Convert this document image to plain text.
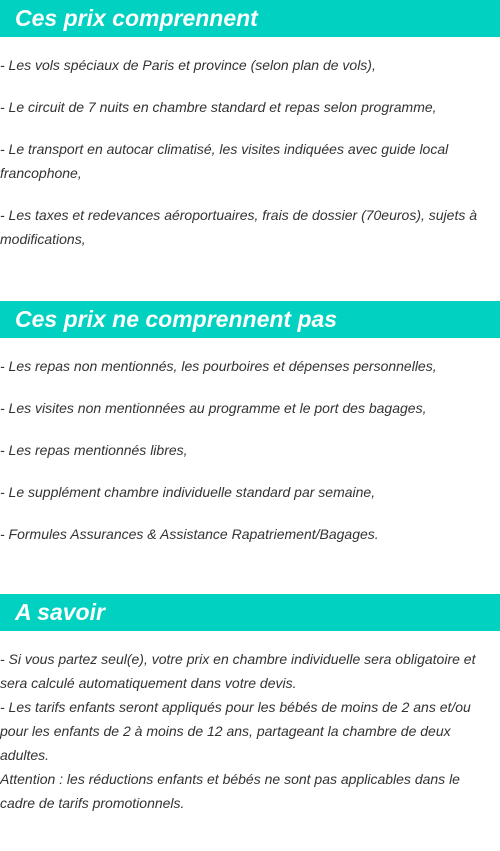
Ces prix comprennent

- Les vols spéciaux de Paris et province (selon plan de vols),

- Le circuit de 7 nuits en chambre standard et repas selon programme,

- Le transport en autocar climatisé, les visites indiquées avec guide local francophone,

- Les taxes et redevances aéroportuaires, frais de dossier (70euros), sujets à modifications,

Ces prix ne comprennent pas

- Les repas non mentionnés, les pourboires et dépenses personnelles,

- Les visites non mentionnées au programme et le port des bagages,

- Les repas mentionnés libres,

- Le supplément chambre individuelle standard par semaine,

- Formules Assurances & Assistance Rapatriement/Bagages.

A savoir

- Si vous partez seul(e), votre prix en chambre individuelle sera obligatoire et sera calculé automatiquement dans votre devis.

- Les tarifs enfants seront appliqués pour les bébés de moins de 2 ans et/ou pour les enfants de 2 à moins de 12 ans, partageant la chambre de deux adultes.

Attention : les réductions enfants et bébés ne sont pas applicables dans le cadre de tarifs promotionnels.
